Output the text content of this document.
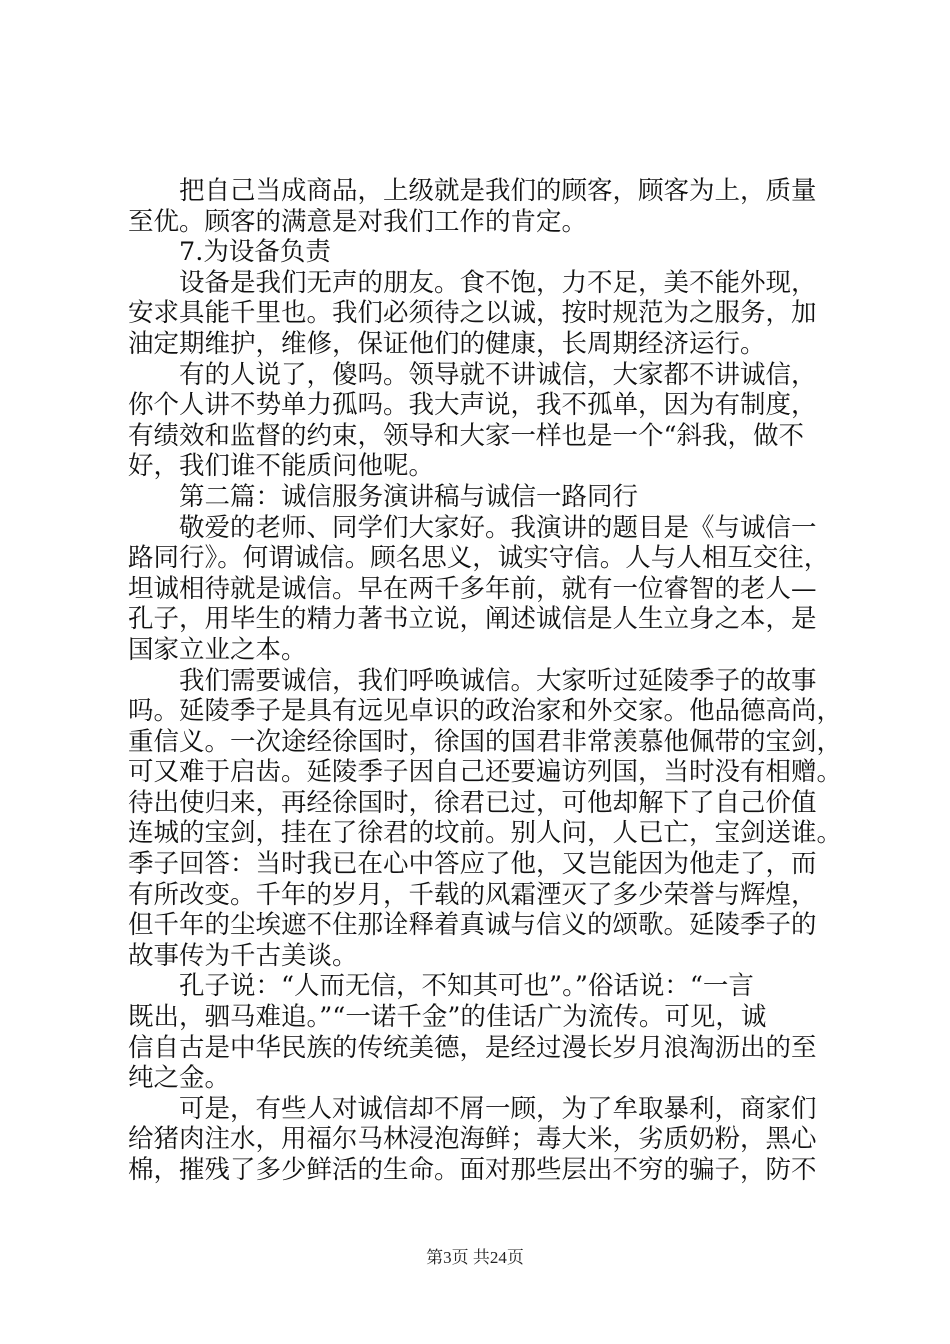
　　把自己当成商品，上级就是我们的顾客，顾客为上，质量
至优。顾客的满意是对我们工作的肯定。
　　7.为设备负责
　　设备是我们无声的朋友。食不饱，力不足，美不能外现，
安求具能千里也。我们必须待之以诚，按时规范为之服务，加
油定期维护，维修，保证他们的健康，长周期经济运行。
　　有的人说了，傻吗。领导就不讲诚信，大家都不讲诚信，
你个人讲不势单力孤吗。我大声说，我不孤单，因为有制度，
有绩效和监督的约束，领导和大家一样也是一个“斜我，做不
好，我们谁不能质问他呢。
　　第二篇：诚信服务演讲稿与诚信一路同行
　　敬爱的老师、同学们大家好。我演讲的题目是《与诚信一
路同行》。何谓诚信。顾名思义，诚实守信。人与人相互交往，
坦诚相待就是诚信。早在两千多年前，就有一位睿智的老人—
孔子，用毕生的精力著书立说，阐述诚信是人生立身之本，是
国家立业之本。
　　我们需要诚信，我们呼唤诚信。大家听过延陵季子的故事
吗。延陵季子是具有远见卓识的政治家和外交家。他品德高尚，
重信义。一次途经徐国时，徐国的国君非常羡慕他佩带的宝剑，
可又难于启齿。延陵季子因自己还要遍访列国，当时没有相赠。
待出使归来，再经徐国时，徐君已过，可他却解下了自己价值
连城的宝剑，挂在了徐君的坟前。别人问，人已亡，宝剑送谁。
季子回答：当时我已在心中答应了他，又岂能因为他走了，而
有所改变。千年的岁月，千载的风霜湮灭了多少荣誉与辉煌，
但千年的尘埃遮不住那诠释着真诚与信义的颂歌。延陵季子的
故事传为千古美谈。
　　孔子说：“人而无信，不知其可也”。”俗话说：“一言
既出，驷马难追。”“一诺千金”的佳话广为流传。可见，诚
信自古是中华民族的传统美德，是经过漫长岁月浪淘沥出的至
纯之金。
　　可是，有些人对诚信却不屑一顾，为了牟取暴利，商家们
给猪肉注水，用福尔马林浸泡海鲜；毒大米，劣质奶粉，黑心
棉，摧残了多少鲜活的生命。面对那些层出不穷的骗子，防不
第3页 共24页
